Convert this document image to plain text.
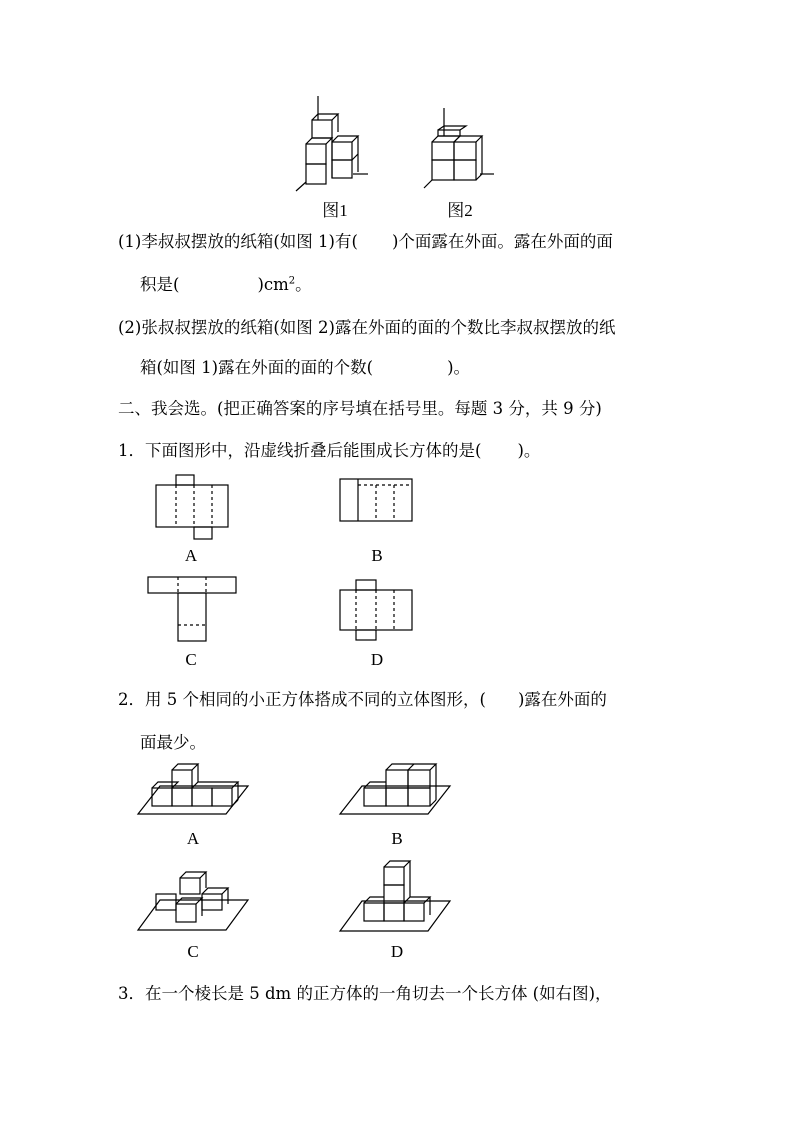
图1	图2
(1)李叔叔摆放的纸箱(如图 1)有( )个面露在外面。露在外面的面
积是(	)$cm^2$。
(2)张叔叔摆放的纸箱(如图 2)露在外面的面的个数比李叔叔摆放的纸
箱(如图 1)露在外面的面的个数(	)。
二、我会选。(把正确答案的序号填在括号里。每题 3 分，共 9 分)
1．下面图形中，沿虚线折叠后能围成长方体的是( )。
A	B
C	D
2．用 5 个相同的小正方体搭成不同的立体图形，( )露在外面的
面最少。
A	B
C	D
3．在一个棱长是 5 dm 的正方体的一角切去一个长方体 (如右图)，
